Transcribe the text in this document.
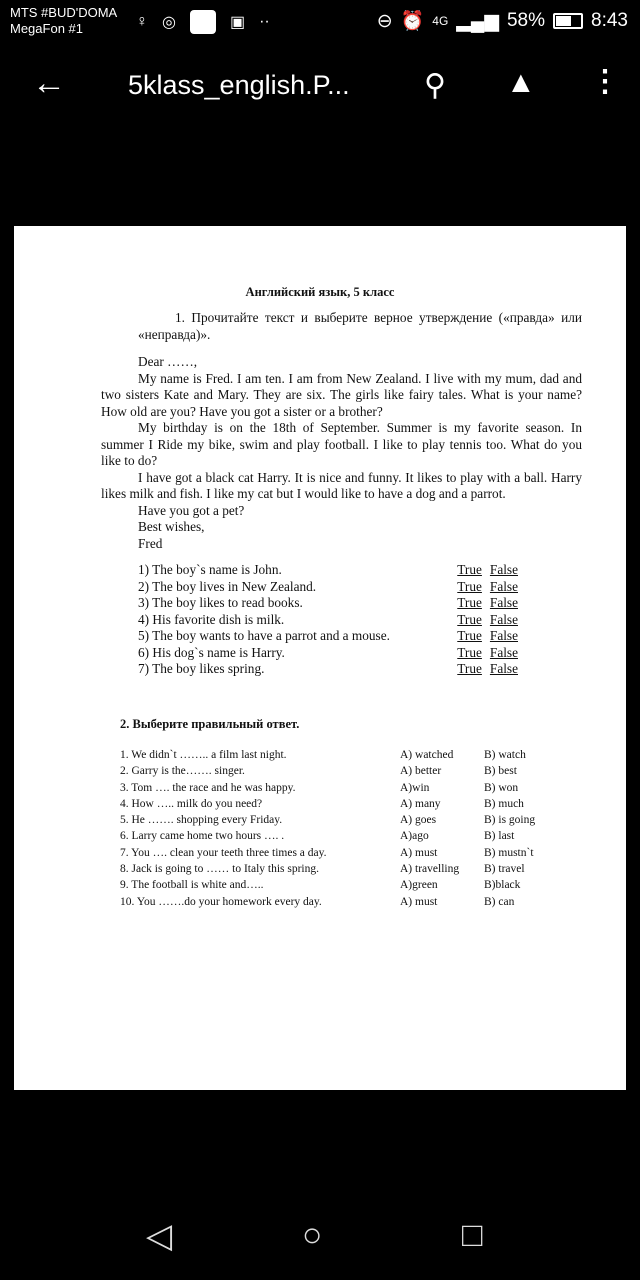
MTS #BUD'DOMA
MegaFon #1	♀ ◎	▣ ··	⊖ ⏰ 4G ▂▄▆ 58% 8:43
← 5klass_english.P... ⚲ ▲ ⋮
Английский язык, 5 класс
1. Прочитайте текст и выберите верное утверждение («правда» или «неправда)».
Dear ……,
My name is Fred. I am ten. I am from New Zealand. I live with my mum, dad and two sisters Kate and Mary. They are six. The girls like fairy tales. What is your name? How old are you? Have you got a sister or a brother?
My birthday is on the 18th of September. Summer is my favorite season. In summer I Ride my bike, swim and play football. I like to play tennis too. What do you like to do?
I have got a black cat Harry. It is nice and funny. It likes to play with a ball. Harry likes milk and fish. I like my cat but I would like to have a dog and a parrot.
Have you got a pet?
Best wishes,
Fred
1) The boy`s name is John.	True False
2) The boy lives in New Zealand.	True False
3) The boy likes to read books.	True False
4) His favorite dish is milk.	True False
5) The boy wants to have a parrot and a mouse.	True False
6) His dog`s name is Harry.	True False
7) The boy likes spring.	True False
2. Выберите правильный ответ.
1. We didn`t …….. a film last night.	A) watched	B) watch
2. Garry is the……. singer.	A) better	B) best
3. Tom …. the race and he was happy.	A)win	B) won
4. How ….. milk do you need?	A) many	B) much
5. He ……. shopping every Friday.	A) goes	B) is going
6. Larry came home two hours …. .	A)ago	B) last
7. You …. clean your teeth three times a day.	A) must	B) mustn`t
8. Jack is going to …… to Italy this spring.	A) travelling B) travel
9. The football is white and…..	A)green	B)black
10. You …….do your homework every day.	A) must	B) can
◁	○	□
